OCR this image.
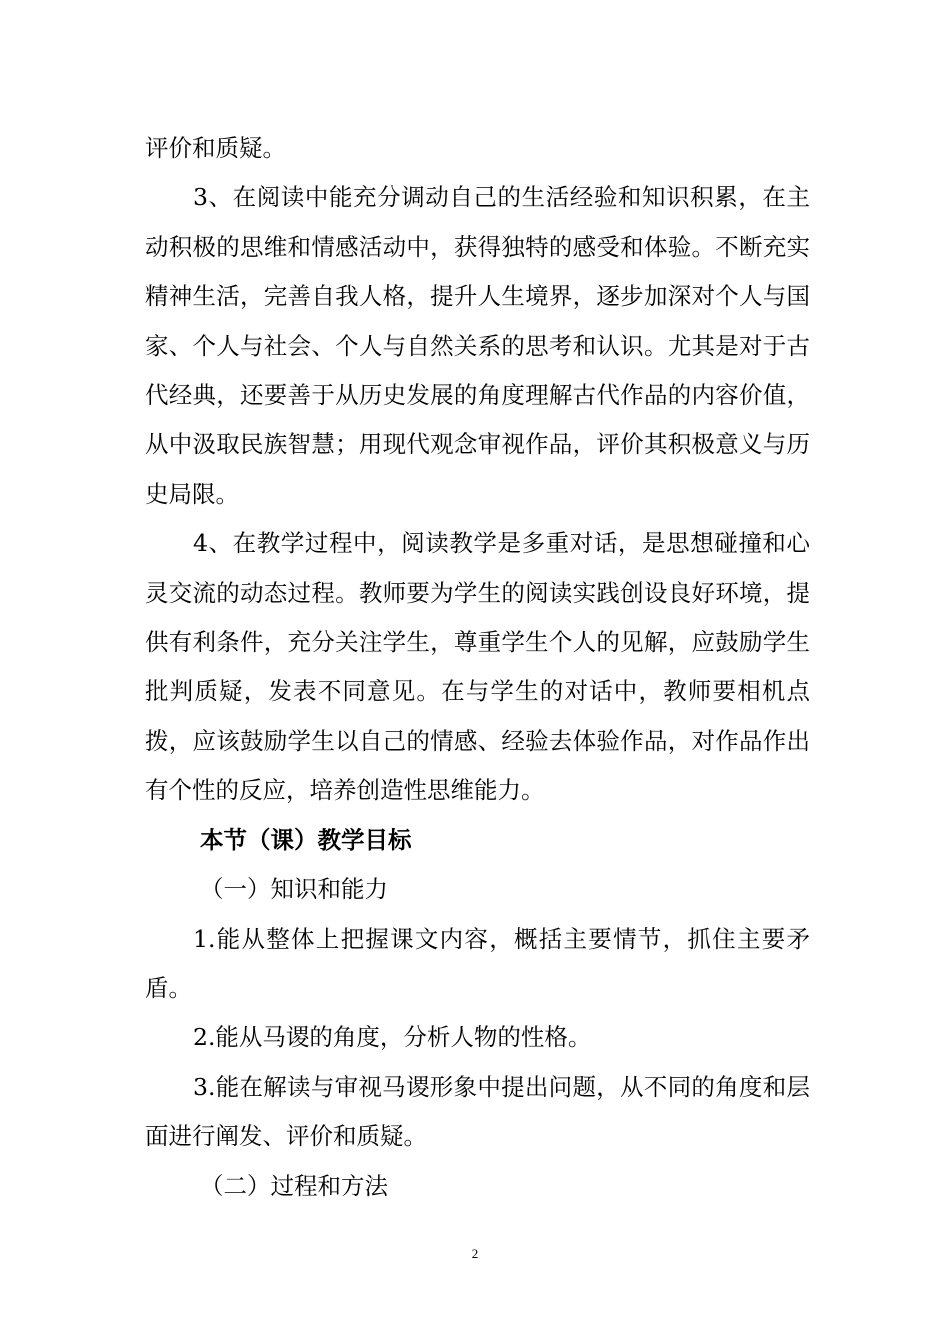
评价和质疑。

3、在阅读中能充分调动自己的生活经验和知识积累，在主动积极的思维和情感活动中，获得独特的感受和体验。不断充实精神生活，完善自我人格，提升人生境界，逐步加深对个人与国家、个人与社会、个人与自然关系的思考和认识。尤其是对于古代经典，还要善于从历史发展的角度理解古代作品的内容价值，从中汲取民族智慧；用现代观念审视作品，评价其积极意义与历史局限。

4、在教学过程中，阅读教学是多重对话，是思想碰撞和心灵交流的动态过程。教师要为学生的阅读实践创设良好环境，提供有利条件，充分关注学生，尊重学生个人的见解，应鼓励学生批判质疑，发表不同意见。在与学生的对话中，教师要相机点拨，应该鼓励学生以自己的情感、经验去体验作品，对作品作出有个性的反应，培养创造性思维能力。

本节（课）教学目标

（一）知识和能力

1.能从整体上把握课文内容，概括主要情节，抓住主要矛盾。

2.能从马谡的角度，分析人物的性格。

3.能在解读与审视马谡形象中提出问题，从不同的角度和层面进行阐发、评价和质疑。

（二）过程和方法

2
